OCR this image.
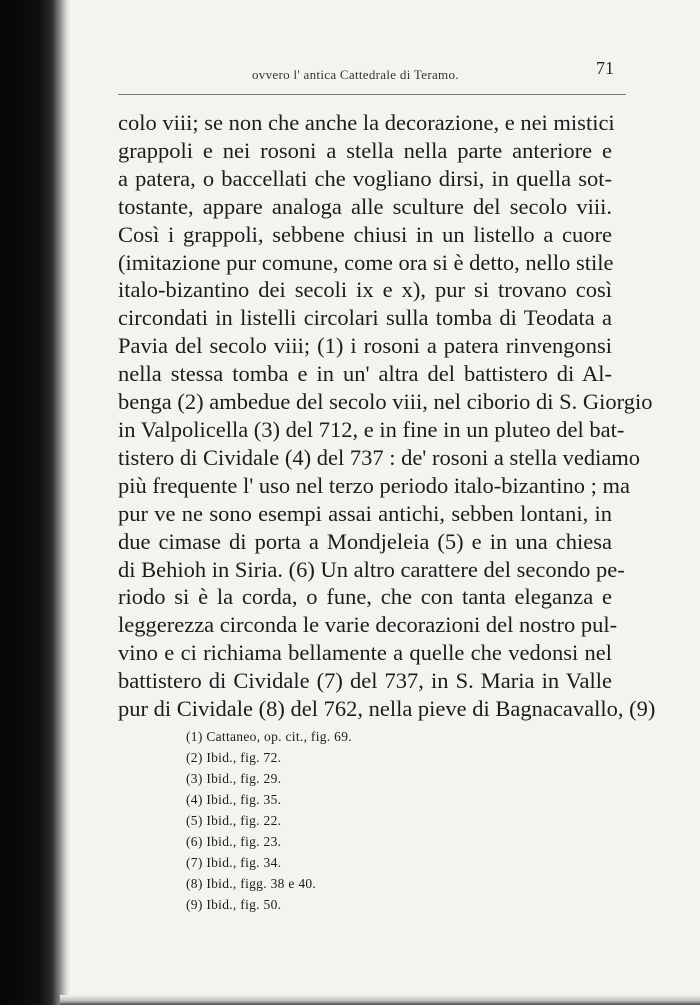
ovvero l' antica Cattedrale di Teramo.	71

colo viii; se non che anche la decorazione, e nei mistici
grappoli e nei rosoni a stella nella parte anteriore e
a patera, o baccellati che vogliano dirsi, in quella sot-
tostante, appare analoga alle sculture del secolo viii.
Così i grappoli, sebbene chiusi in un listello a cuore
(imitazione pur comune, come ora si è detto, nello stile
italo-bizantino dei secoli ix e x), pur si trovano così
circondati in listelli circolari sulla tomba di Teodata a
Pavia del secolo viii; (1) i rosoni a patera rinvengonsi
nella stessa tomba e in un' altra del battistero di Al-
benga (2) ambedue del secolo viii, nel ciborio di S. Giorgio
in Valpolicella (3) del 712, e in fine in un pluteo del bat-
tistero di Cividale (4) del 737 : de' rosoni a stella vediamo
più frequente l' uso nel terzo periodo italo-bizantino ; ma
pur ve ne sono esempi assai antichi, sebben lontani, in
due cimase di porta a Mondjeleia (5) e in una chiesa
di Behioh in Siria. (6) Un altro carattere del secondo pe-
riodo si è la corda, o fune, che con tanta eleganza e
leggerezza circonda le varie decorazioni del nostro pul-
vino e ci richiama bellamente a quelle che vedonsi nel
battistero di Cividale (7) del 737, in S. Maria in Valle
pur di Cividale (8) del 762, nella pieve di Bagnacavallo, (9)

(1) Cattaneo, op. cit., fig. 69.
(2) Ibid., fig. 72.
(3) Ibid., fig. 29.
(4) Ibid., fig. 35.
(5) Ibid., fig. 22.
(6) Ibid., fig. 23.
(7) Ibid., fig. 34.
(8) Ibid., figg. 38 e 40.
(9) Ibid., fig. 50.
